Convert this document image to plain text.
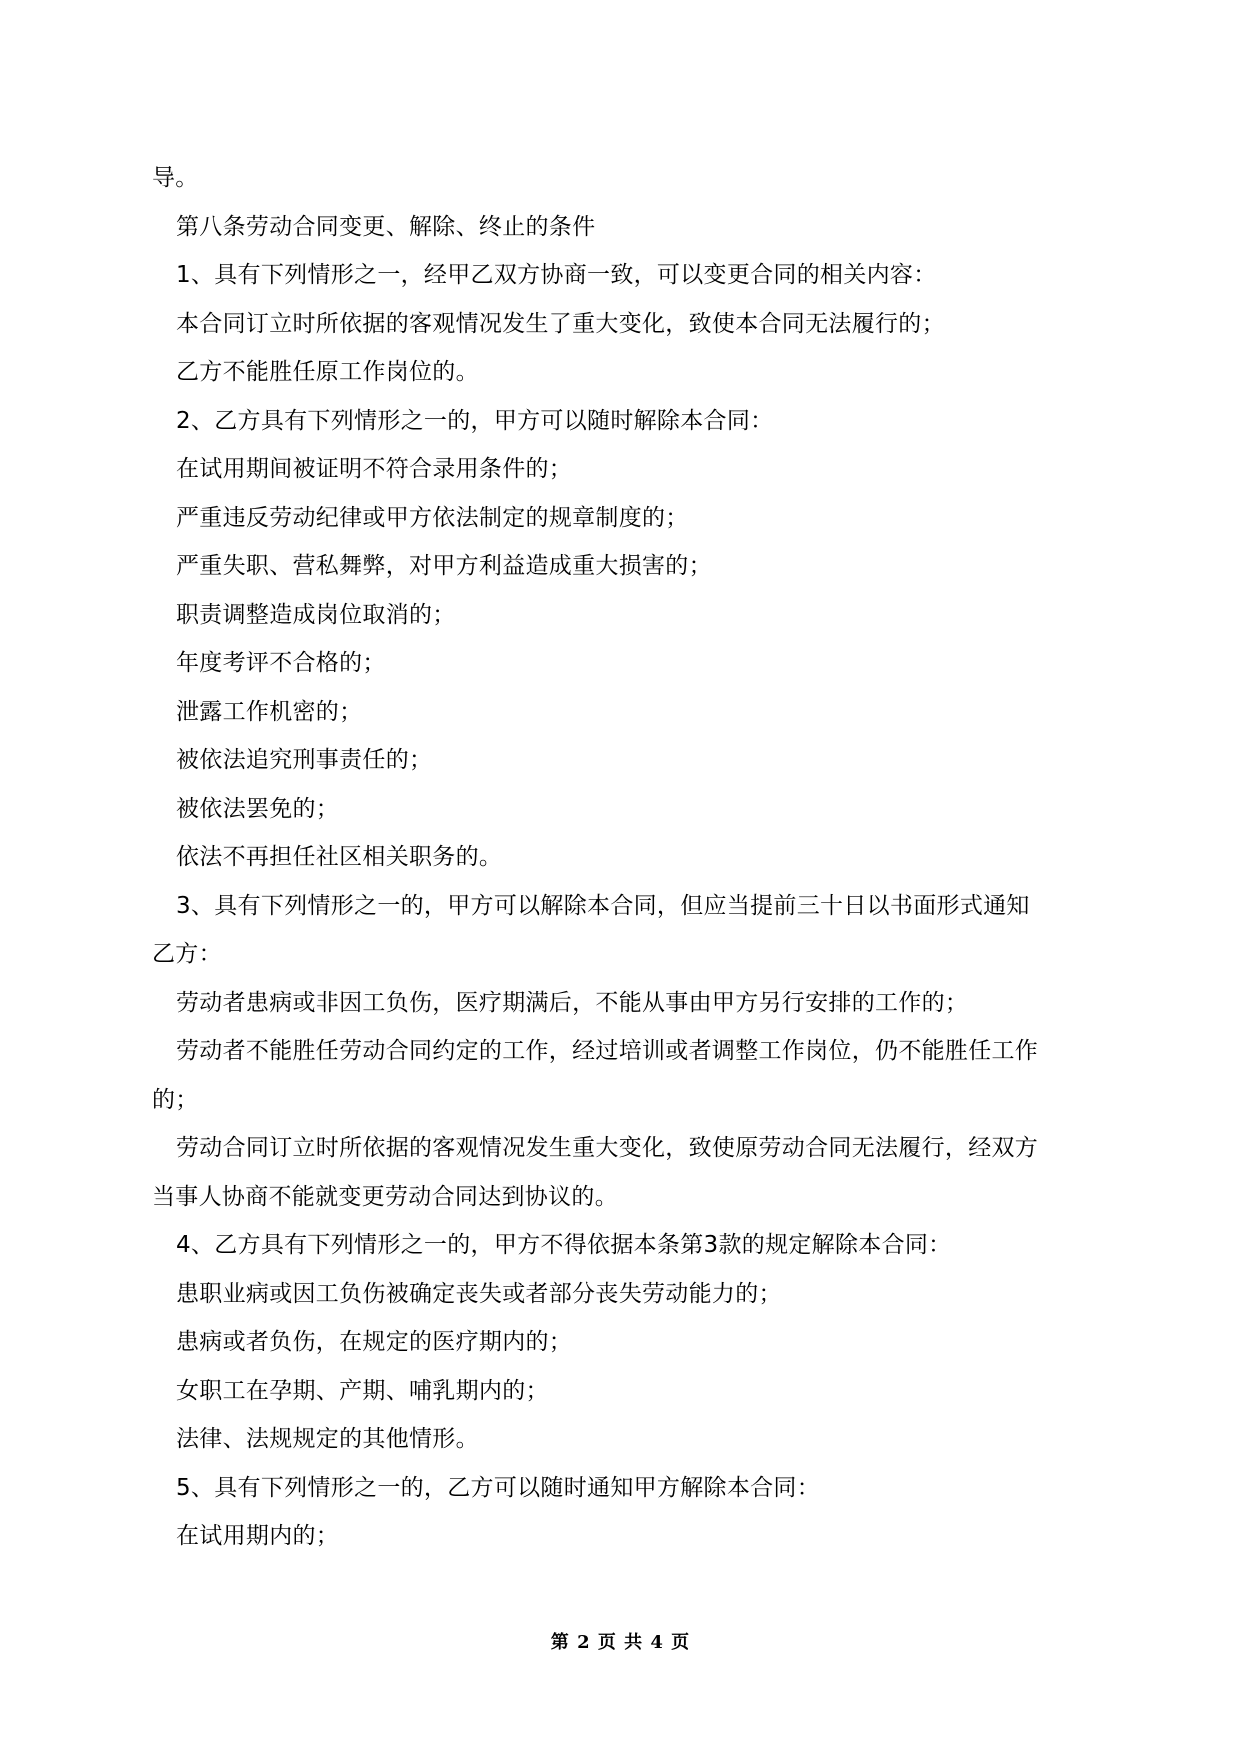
导。
第八条劳动合同变更、解除、终止的条件
1、具有下列情形之一，经甲乙双方协商一致，可以变更合同的相关内容：
本合同订立时所依据的客观情况发生了重大变化，致使本合同无法履行的；
乙方不能胜任原工作岗位的。
2、乙方具有下列情形之一的，甲方可以随时解除本合同：
在试用期间被证明不符合录用条件的；
严重违反劳动纪律或甲方依法制定的规章制度的；
严重失职、营私舞弊，对甲方利益造成重大损害的；
职责调整造成岗位取消的；
年度考评不合格的；
泄露工作机密的；
被依法追究刑事责任的；
被依法罢免的；
依法不再担任社区相关职务的。
3、具有下列情形之一的，甲方可以解除本合同，但应当提前三十日以书面形式通知
乙方：
劳动者患病或非因工负伤，医疗期满后，不能从事由甲方另行安排的工作的；
劳动者不能胜任劳动合同约定的工作，经过培训或者调整工作岗位，仍不能胜任工作
的；
劳动合同订立时所依据的客观情况发生重大变化，致使原劳动合同无法履行，经双方
当事人协商不能就变更劳动合同达到协议的。
4、乙方具有下列情形之一的，甲方不得依据本条第3款的规定解除本合同：
患职业病或因工负伤被确定丧失或者部分丧失劳动能力的；
患病或者负伤，在规定的医疗期内的；
女职工在孕期、产期、哺乳期内的；
法律、法规规定的其他情形。
5、具有下列情形之一的，乙方可以随时通知甲方解除本合同：
在试用期内的；
第 2 页 共 4 页
